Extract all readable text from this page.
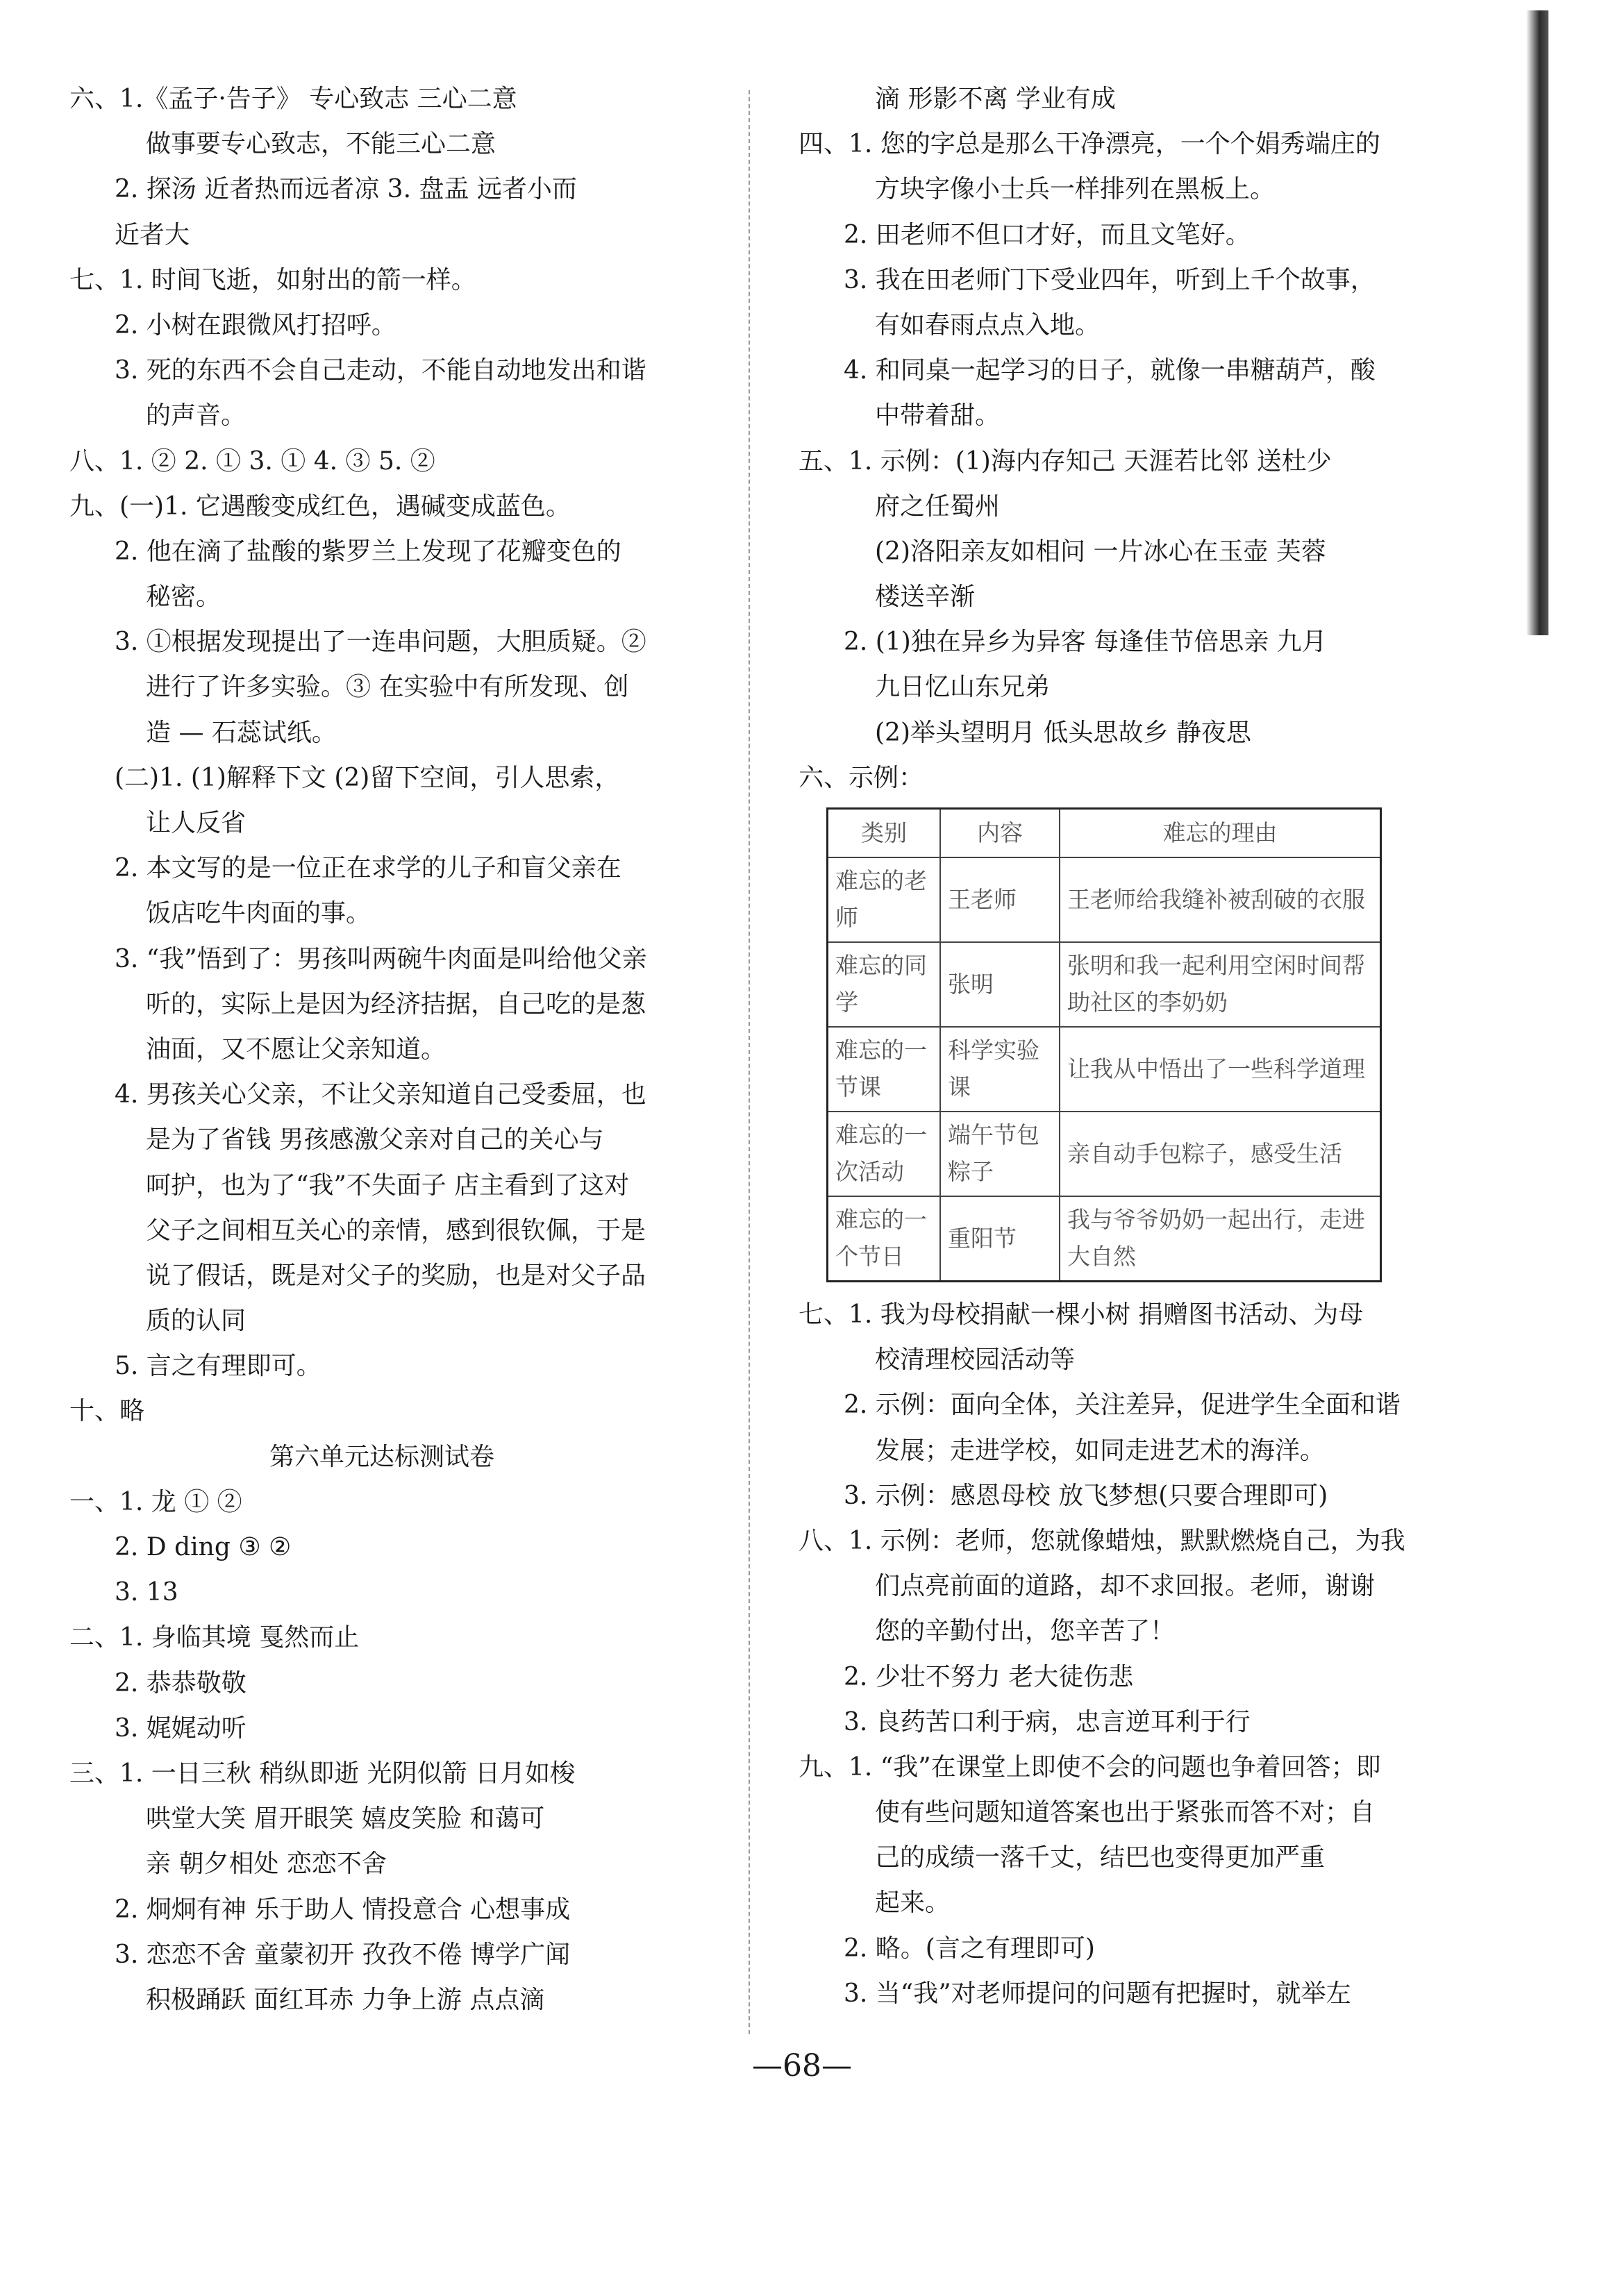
六、1.《孟子·告子》 专心致志 三心二意
做事要专心致志，不能三心二意
2. 探汤 近者热而远者凉 3. 盘盂 远者小而
近者大
七、1. 时间飞逝，如射出的箭一样。
2. 小树在跟微风打招呼。
3. 死的东西不会自己走动，不能自动地发出和谐
的声音。
八、1. ② 2. ① 3. ① 4. ③ 5. ②
九、(一)1. 它遇酸变成红色，遇碱变成蓝色。
2. 他在滴了盐酸的紫罗兰上发现了花瓣变色的
秘密。
3. ①根据发现提出了一连串问题，大胆质疑。②
进行了许多实验。③ 在实验中有所发现、创
造 — 石蕊试纸。
(二)1. (1)解释下文 (2)留下空间，引人思索，
让人反省
2. 本文写的是一位正在求学的儿子和盲父亲在
饭店吃牛肉面的事。
3. “我”悟到了：男孩叫两碗牛肉面是叫给他父亲
听的，实际上是因为经济拮据，自己吃的是葱
油面，又不愿让父亲知道。
4. 男孩关心父亲，不让父亲知道自己受委屈，也
是为了省钱 男孩感激父亲对自己的关心与
呵护，也为了“我”不失面子 店主看到了这对
父子之间相互关心的亲情，感到很钦佩，于是
说了假话，既是对父子的奖励，也是对父子品
质的认同
5. 言之有理即可。
十、略
第六单元达标测试卷
一、1. 龙 ① ②
2. D ding ③ ②
3. 13
二、1. 身临其境 戛然而止
2. 恭恭敬敬
3. 娓娓动听
三、1. 一日三秋 稍纵即逝 光阴似箭 日月如梭
哄堂大笑 眉开眼笑 嬉皮笑脸 和蔼可
亲 朝夕相处 恋恋不舍
2. 炯炯有神 乐于助人 情投意合 心想事成
3. 恋恋不舍 童蒙初开 孜孜不倦 博学广闻
积极踊跃 面红耳赤 力争上游 点点滴
滴 形影不离 学业有成
四、1. 您的字总是那么干净漂亮，一个个娟秀端庄的
方块字像小士兵一样排列在黑板上。
2. 田老师不但口才好，而且文笔好。
3. 我在田老师门下受业四年，听到上千个故事，
有如春雨点点入地。
4. 和同桌一起学习的日子，就像一串糖葫芦，酸
中带着甜。
五、1. 示例：(1)海内存知己 天涯若比邻 送杜少
府之任蜀州
(2)洛阳亲友如相问 一片冰心在玉壶 芙蓉
楼送辛渐
2. (1)独在异乡为异客 每逢佳节倍思亲 九月
九日忆山东兄弟
(2)举头望明月 低头思故乡 静夜思
六、示例：
类别	内容	难忘的理由
难忘的老师	王老师	王老师给我缝补被刮破的衣服
难忘的同学	张明	张明和我一起利用空闲时间帮助社区的李奶奶
难忘的一节课	科学实验课	让我从中悟出了一些科学道理
难忘的一次活动	端午节包粽子	亲自动手包粽子，感受生活
难忘的一个节日	重阳节	我与爷爷奶奶一起出行，走进大自然
七、1. 我为母校捐献一棵小树 捐赠图书活动、为母
校清理校园活动等
2. 示例：面向全体，关注差异，促进学生全面和谐
发展；走进学校，如同走进艺术的海洋。
3. 示例：感恩母校 放飞梦想(只要合理即可)
八、1. 示例：老师，您就像蜡烛，默默燃烧自己，为我
们点亮前面的道路，却不求回报。老师，谢谢
您的辛勤付出，您辛苦了！
2. 少壮不努力 老大徒伤悲
3. 良药苦口利于病，忠言逆耳利于行
九、1. “我”在课堂上即使不会的问题也争着回答；即
使有些问题知道答案也出于紧张而答不对；自
己的成绩一落千丈，结巴也变得更加严重
起来。
2. 略。(言之有理即可)
3. 当“我”对老师提问的问题有把握时，就举左
—68—
